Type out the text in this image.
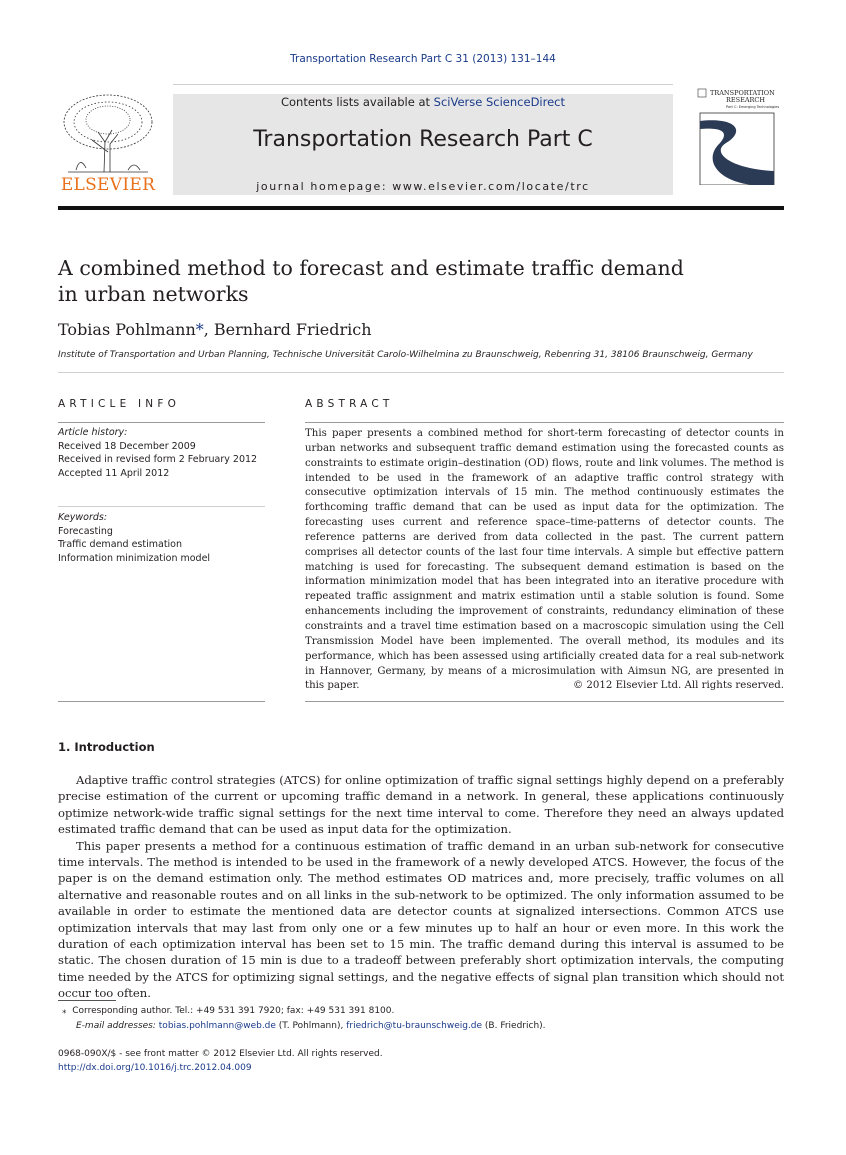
Transportation Research Part C 31 (2013) 131–144
ELSEVIER
Contents lists available at SciVerse ScienceDirect
Transportation Research Part C
journal homepage: www.elsevier.com/locate/trc
TRANSPORTATION
RESEARCH
Part C: Emerging Technologies
A combined method to forecast and estimate traffic demand
in urban networks
Tobias Pohlmann*, Bernhard Friedrich
Institute of Transportation and Urban Planning, Technische Universität Carolo-Wilhelmina zu Braunschweig, Rebenring 31, 38106 Braunschweig, Germany
ARTICLE INFO	ABSTRACT
Article history:
Received 18 December 2009
Received in revised form 2 February 2012
Accepted 11 April 2012
Keywords:
Forecasting
Traffic demand estimation
Information minimization model
This paper presents a combined method for short-term forecasting of detector counts in urban networks and subsequent traffic demand estimation using the forecasted counts as constraints to estimate origin–destination (OD) flows, route and link volumes. The method is intended to be used in the framework of an adaptive traffic control strategy with consecutive optimization intervals of 15 min. The method continuously estimates the forthcoming traffic demand that can be used as input data for the optimization. The forecasting uses current and reference space–time-patterns of detector counts. The reference patterns are derived from data collected in the past. The current pattern comprises all detector counts of the last four time intervals. A simple but effective pattern matching is used for forecasting. The subsequent demand estimation is based on the information minimization model that has been integrated into an iterative procedure with repeated traffic assignment and matrix estimation until a stable solution is found. Some enhancements including the improvement of constraints, redundancy elimination of these constraints and a travel time estimation based on a macroscopic simulation using the Cell Transmission Model have been implemented. The overall method, its modules and its performance, which has been assessed using artificially created data for a real sub-network in Hannover, Germany, by means of a microsimulation with Aimsun NG, are presented in this paper.	© 2012 Elsevier Ltd. All rights reserved.
1. Introduction

Adaptive traffic control strategies (ATCS) for online optimization of traffic signal settings highly depend on a preferably precise estimation of the current or upcoming traffic demand in a network. In general, these applications continuously optimize network-wide traffic signal settings for the next time interval to come. Therefore they need an always updated estimated traffic demand that can be used as input data for the optimization.

This paper presents a method for a continuous estimation of traffic demand in an urban sub-network for consecutive time intervals. The method is intended to be used in the framework of a newly developed ATCS. However, the focus of the paper is on the demand estimation only. The method estimates OD matrices and, more precisely, traffic volumes on all alternative and reasonable routes and on all links in the sub-network to be optimized. The only information assumed to be available in order to estimate the mentioned data are detector counts at signalized intersections. Common ATCS use optimization intervals that may last from only one or a few minutes up to half an hour or even more. In this work the duration of each optimization interval has been set to 15 min. The traffic demand during this interval is assumed to be static. The chosen duration of 15 min is due to a tradeoff between preferably short optimization intervals, the computing time needed by the ATCS for optimizing signal settings, and the negative effects of signal plan transition which should not occur too often.

⁎ Corresponding author. Tel.: +49 531 391 7920; fax: +49 531 391 8100.
E-mail addresses: tobias.pohlmann@web.de (T. Pohlmann), friedrich@tu-braunschweig.de (B. Friedrich).
0968-090X/$ - see front matter © 2012 Elsevier Ltd. All rights reserved.
http://dx.doi.org/10.1016/j.trc.2012.04.009
